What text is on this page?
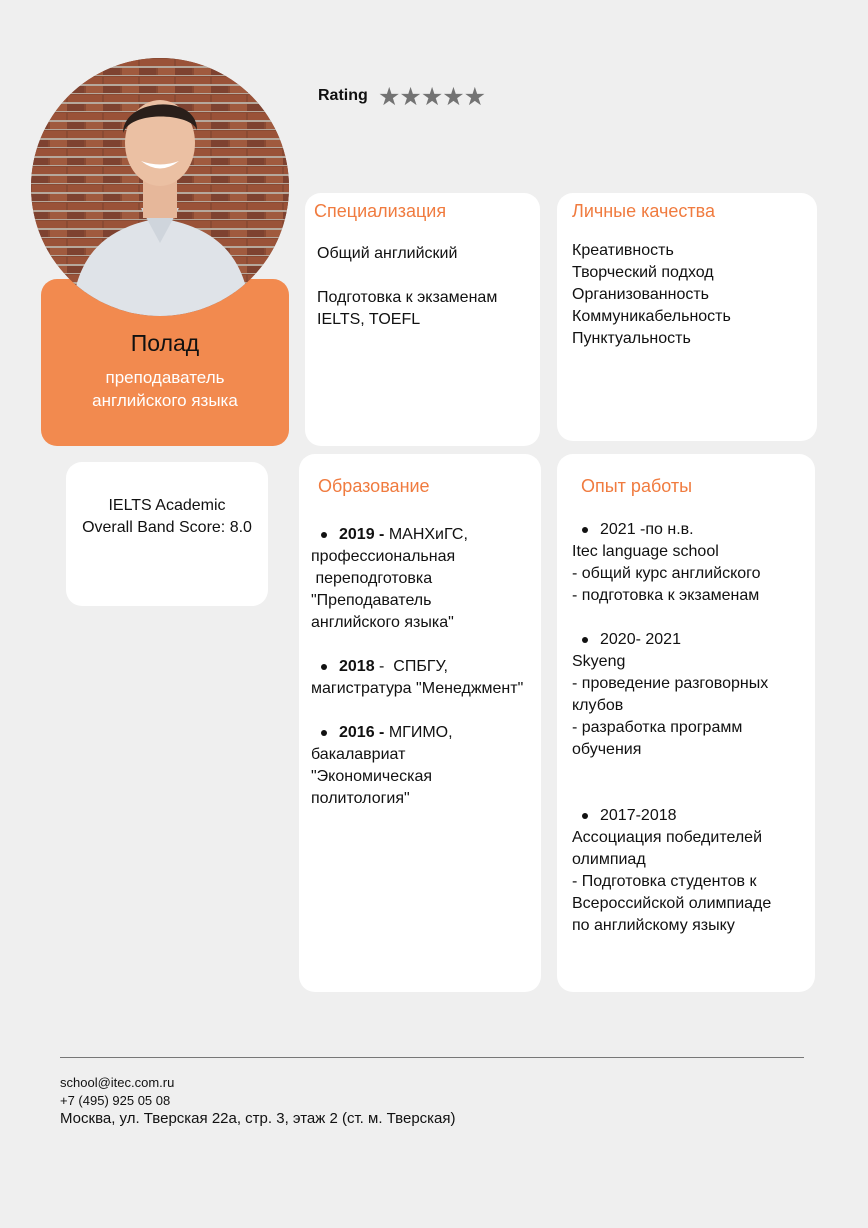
Полад
преподаватель
английского языка
Rating ★★★★★
IELTS Academic
Overall Band Score: 8.0
Специализация

Общий английский

Подготовка к экзаменам

IELTS, TOEFL

Личные качества

Креативность

Творческий подход

Организованность

Коммуникабельность

Пунктуальность

Образование

2019 - МАНХиГС,

профессиональная

переподготовка

"Преподаватель

английского языка"

2018 -  СПБГУ,

магистратура "Менеджмент"

2016 - МГИМО,

бакалавриат

"Экономическая

политология"

Опыт работы

2021 -по н.в.

Itec language school

- общий курс английского

- подготовка к экзаменам

2020- 2021

Skyeng

- проведение разговорных

клубов

- разработка программ

обучения

2017-2018

Ассоциация победителей

олимпиад

- Подготовка студентов к

Всероссийской олимпиаде

по английскому языку

school@itec.com.ru
+7 (495) 925 05 08
Москва, ул. Тверская 22а, стр. 3, этаж 2 (ст. м. Тверская)
